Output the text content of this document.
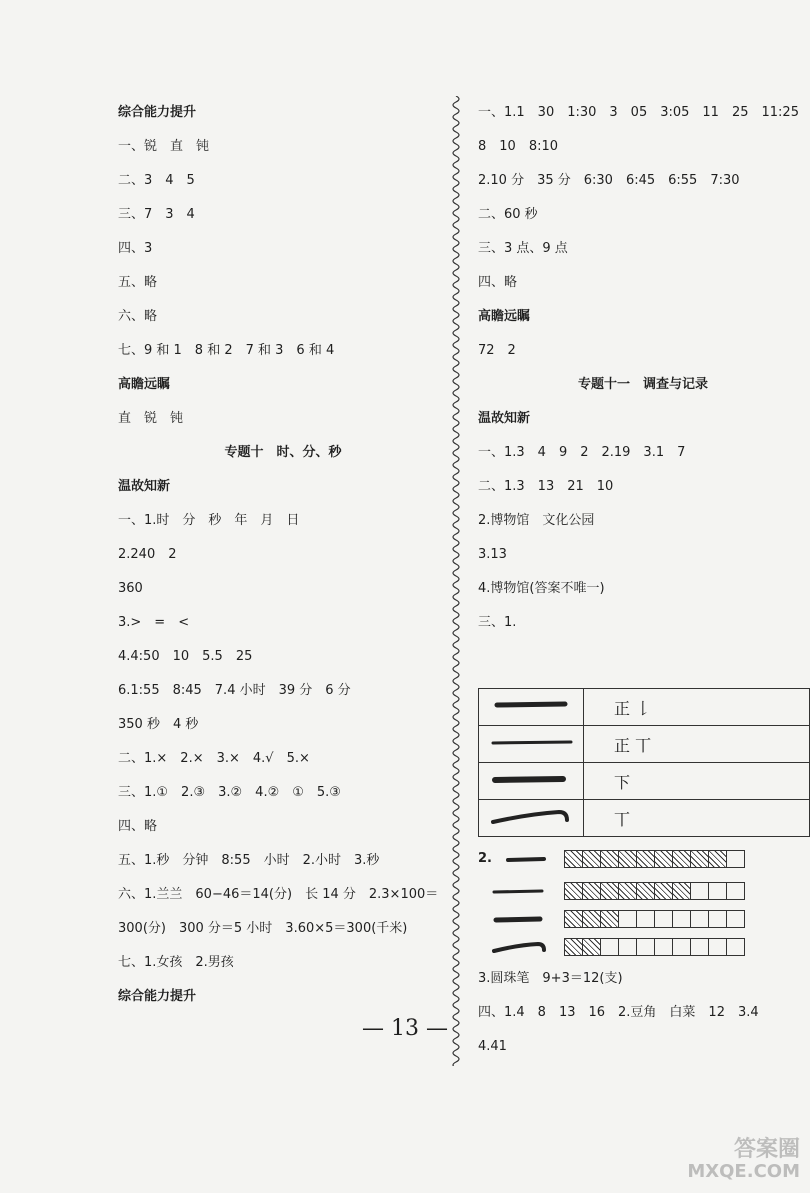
综合能力提升
一、锐　直　钝
二、3　4　5
三、7　3　4
四、3
五、略
六、略
七、9 和 1　8 和 2　7 和 3　6 和 4
高瞻远瞩
直　锐　钝
专题十　时、分、秒
温故知新
一、1.时　分　秒　年　月　日
2.240　2
360
3.>　=　<
4.4:50　10　5.5　25
6.1:55　8:45　7.4 小时　39 分　6 分
350 秒　4 秒
二、1.×　2.×　3.×　4.√　5.×
三、1.①　2.③　3.②　4.②　①　5.③
四、略
五、1.秒　分钟　8:55　小时　2.小时　3.秒
六、1.兰兰　60−46＝14(分)　长 14 分　2.3×100＝
300(分)　300 分＝5 小时　3.60×5＝300(千米)
七、1.女孩　2.男孩
综合能力提升
一、1.1　30　1:30　3　05　3:05　11　25　11:25
8　10　8:10
2.10 分　35 分　6:30　6:45　6:55　7:30
二、60 秒
三、3 点、9 点
四、略
高瞻远瞩
72　2
专题十一　调查与记录
温故知新
一、1.3　4　9　2　2.19　3.1　7
二、1.3　13　21　10
2.博物馆　文化公园
3.13
4.博物馆(答案不唯一)
三、1.
	正 𠄌
	正 丅
	下
	丅
2.
3.圆珠笔　9+3＝12(支)
四、1.4　8　13　16　2.豆角　白菜　12　3.4
4.41
— 13 —
答案圈
MXQE.COM
